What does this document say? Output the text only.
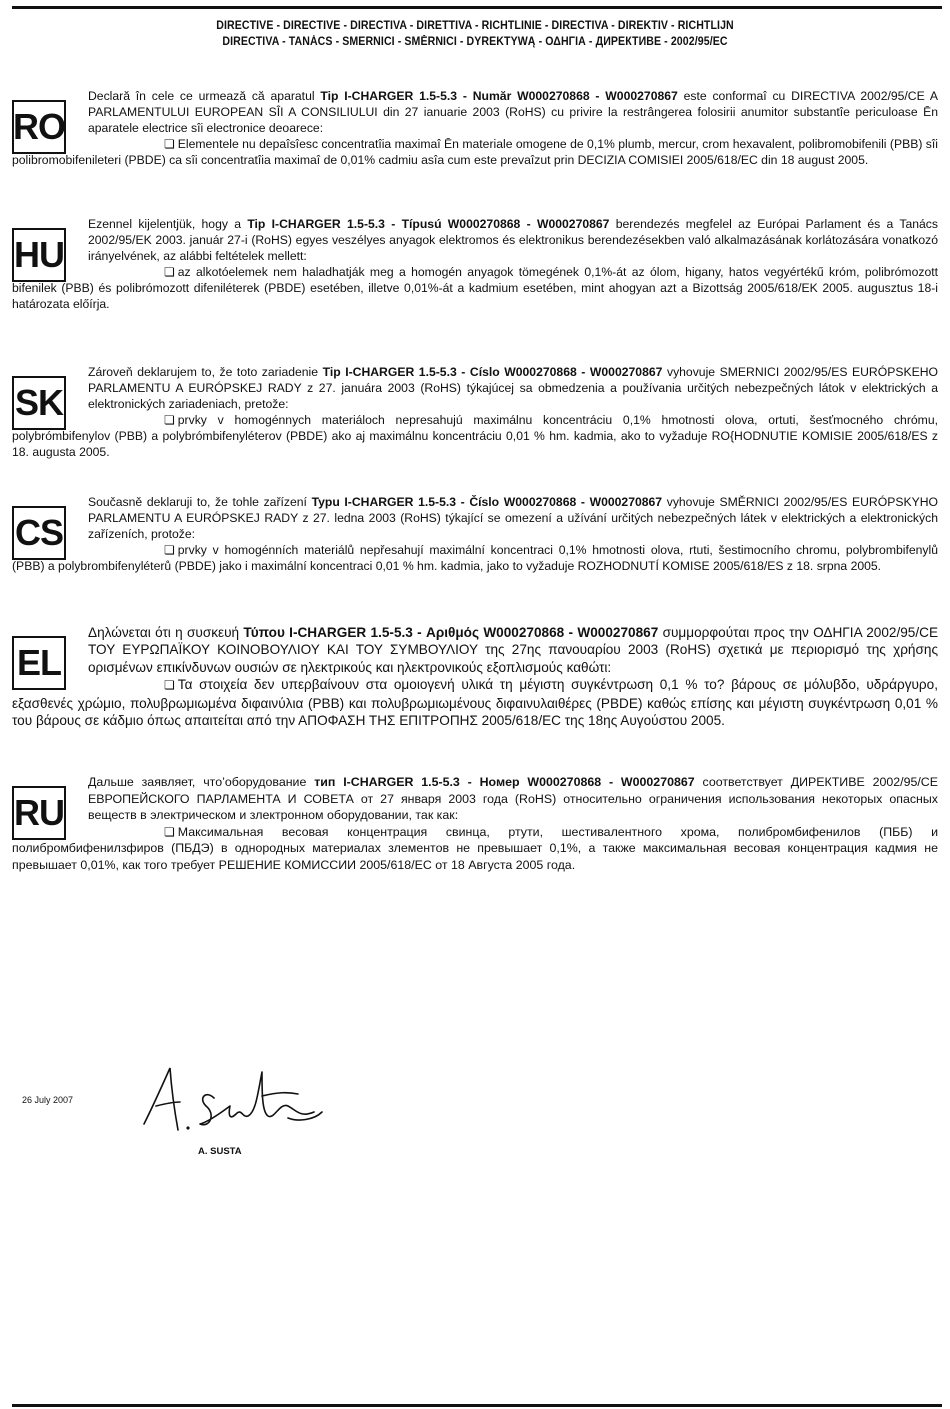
DIRECTIVE - DIRECTIVE - DIRECTIVA - DIRETTIVA - RICHTLINIE - DIRECTIVA - DIREKTIV - RICHTLIJN
DIRECTIVA - TANÁCS - SMERNICI - SMĚRNICI - DYREKTYWĄ - ΟΔΗΓΙΑ - ДИРЕКТИВЕ - 2002/95/EC
RO
Declară în cele ce urmează că aparatul Tip I-CHARGER 1.5-5.3 - Număr W000270868 - W000270867 este conformaî cu DIRECTIVA 2002/95/CE A PARLAMENTULUI EUROPEAN SÎI A CONSILIULUI din 27 ianuarie 2003 (RoHS) cu privire la restrângerea folosirii anumitor substantîe periculoase Ēn aparatele electrice sîi electronice deoarece:
❏ Elementele nu depaîsîesc concentratîia maximaî Ēn materiale omogene de 0,1% plumb, mercur, crom hexavalent, polibromobifenili (PBB) sîi polibromobifenileteri (PBDE) ca sîi concentratîia maximaî de 0,01% cadmiu asîa cum este prevaîzut prin DECIZIA COMISIEI 2005/618/EC din 18 august 2005.
HU
Ezennel kijelentjük, hogy a Tip I-CHARGER 1.5-5.3 - Típusú W000270868 - W000270867 berendezés megfelel az Európai Parlament és a Tanács 2002/95/EK 2003. január 27-i (RoHS) egyes veszélyes anyagok elektromos és elektronikus berendezésekben való alkalmazásának korlátozására vonatkozó irányelvének, az alábbi feltételek mellett:
❏ az alkotóelemek nem haladhatják meg a homogén anyagok tömegének 0,1%-át az ólom, higany, hatos vegyértékű króm, polibrómozott bifenilek (PBB) és polibrómozott difeniléterek (PBDE) esetében, illetve 0,01%-át a kadmium esetében, mint ahogyan azt a Bizottság 2005/618/EK 2005. augusztus 18-i határozata előírja.
SK
Zároveň deklarujem to, že toto zariadenie Tip I-CHARGER 1.5-5.3 - Císlo W000270868 - W000270867 vyhovuje SMERNICI 2002/95/ES EURÓPSKEHO PARLAMENTU A EURÓPSKEJ RADY z 27. januára 2003 (RoHS) týkajúcej sa obmedzenia a používania určitých nebezpečných látok v elektrických a elektronických zariadeniach, pretože:
❏ prvky v homogénnych materiáloch nepresahujú maximálnu koncentráciu 0,1% hmotnosti olova, ortuti, šesťmocného chrómu, polybrómbifenylov (PBB) a polybrómbifenyléterov (PBDE) ako aj maximálnu koncentráciu 0,01 % hm. kadmia, ako to vyžaduje RO{HODNUTIE KOMISIE 2005/618/ES z 18. augusta 2005.
CS
Současně deklaruji to, že tohle zařízení Typu I-CHARGER 1.5-5.3 - Číslo W000270868 - W000270867 vyhovuje SMĚRNICI 2002/95/ES EURÓPSKYHO PARLAMENTU A EURÓPSKEJ RADY z 27. ledna 2003 (RoHS) týkající se omezení a užívání určitých nebezpečných látek v elektrických a elektronických zařízeních, protože:
❏ prvky v homogénních materiálů nepřesahují maximální koncentraci 0,1% hmotnosti olova, rtuti, šestimocního chromu, polybrombifenylů (PBB) a polybrombifenyléterů (PBDE) jako i maximální koncentraci 0,01 % hm. kadmia, jako to vyžaduje ROZHODNUTÍ KOMISE 2005/618/ES z 18. srpna 2005.
EL
Δηλώνεται ότι η συσκευή Τύπου I-CHARGER 1.5-5.3 - Αριθμός W000270868 - W000270867 συμμορφούται προς την ΟΔΗΓΙΑ 2002/95/CE ΤΟΥ ΕΥΡΩΠΑΪΚΟΥ ΚΟΙΝΟΒΟΥΛΙΟΥ ΚΑΙ ΤΟΥ ΣΥΜΒΟΥΛΙΟΥ της 27ης πανουαρίου 2003 (RoHS) σχετικά με περιορισμό της χρήσης ορισμένων επικίνδυνων ουσιών σε ηλεκτρικούς και ηλεκτρονικούς εξοπλισμούς καθώτι:
❏ Τα στοιχεία δεν υπερβαίνουν στα ομοιογενή υλικά τη μέγιστη συγκέντρωση 0,1 % το? βάρους σε μόλυβδο, υδράργυρο, εξασθενές χρώμιο, πολυβρωμιωμένα διφαινύλια (PBB) και πολυβρωμιωμένους διφαινυλαιθέρες (PBDE) καθώς επίσης και μέγιστη συγκέντρωση 0,01 % του βάρους σε κάδμιο όπως απαιτείται από την ΑΠΟΦΑΣΗ ΤΗΣ ΕΠΙΤΡΟΠΗΣ 2005/618/EC της 18ης Αυγούστου 2005.
RU
Дальше заявляет, что’оборудование тип I-CHARGER 1.5-5.3 - Номер W000270868 - W000270867 соответствует ДИРЕКТИВЕ 2002/95/CE ЕВРОПЕЙСКОГО ПАРЛАМЕНТА И СОВЕТА от 27 января 2003 года (RoHS) относительно ограничения использования некоторых опасных веществ в электрическом и злектронном оборудовании, так как:
❏ Максимальная весовая концентрация свинца, ртути, шестивалентного хрома, полибромбифенилов (ПББ) и полибромбифенилзфиров (ПБДЭ) в однородных материалах злементов не превышает 0,1%, а также максимальная весовая концентрация кадмия не превышает 0,01%, как того требует РЕШЕНИЕ КОМИССИИ 2005/618/ЕС от 18 Августа 2005 года.
26 July 2007
A. SUSTA
